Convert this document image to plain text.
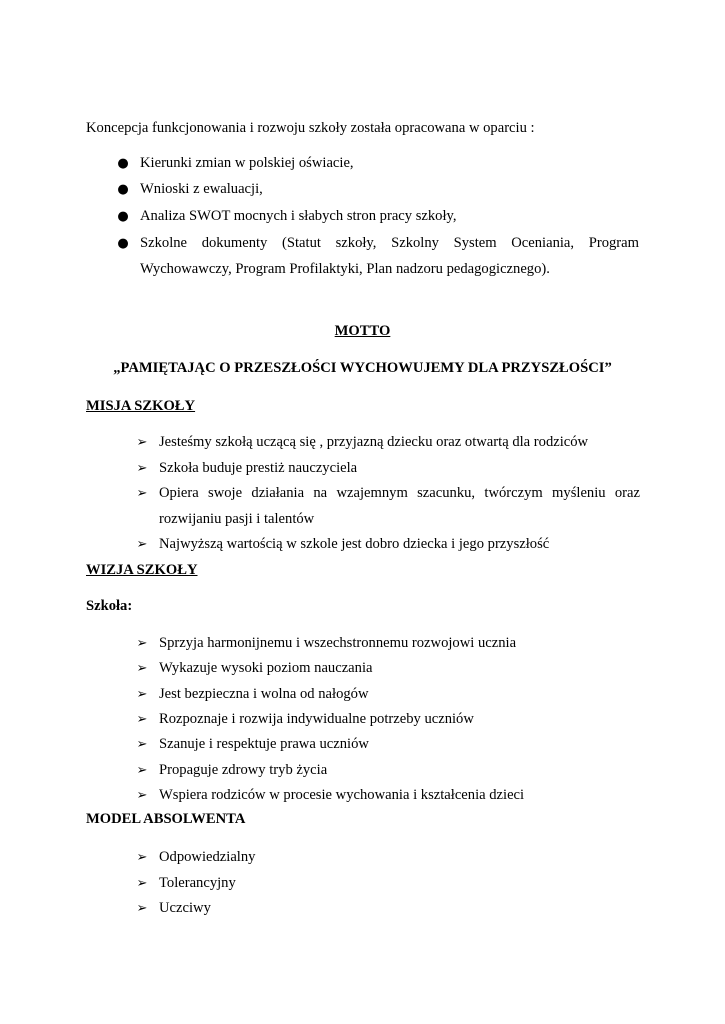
Koncepcja funkcjonowania i rozwoju szkoły została opracowana w oparciu :
● Kierunki zmian w polskiej oświacie,
● Wnioski z ewaluacji,
● Analiza SWOT mocnych i słabych stron pracy szkoły,
● Szkolne dokumenty (Statut szkoły, Szkolny System Oceniania, Program
Wychowawczy, Program Profilaktyki, Plan nadzoru pedagogicznego).
MOTTO
„PAMIĘTAJĄC O PRZESZŁOŚCI WYCHOWUJEMY DLA PRZYSZŁOŚCI”
MISJA SZKOŁY
➢ Jesteśmy szkołą uczącą się , przyjazną dziecku oraz otwartą dla rodziców
➢ Szkoła buduje prestiż nauczyciela
➢ Opiera swoje działania na wzajemnym szacunku, twórczym myśleniu oraz
rozwijaniu pasji i talentów
➢ Najwyższą wartością w szkole jest dobro dziecka i jego przyszłość
WIZJA SZKOŁY
Szkoła:
➢ Sprzyja harmonijnemu i wszechstronnemu rozwojowi ucznia
➢ Wykazuje wysoki poziom nauczania
➢ Jest bezpieczna i wolna od nałogów
➢ Rozpoznaje i rozwija indywidualne potrzeby uczniów
➢ Szanuje i respektuje prawa uczniów
➢ Propaguje zdrowy tryb życia
➢ Wspiera rodziców w procesie wychowania i kształcenia dzieci
MODEL ABSOLWENTA
➢ Odpowiedzialny
➢ Tolerancyjny
➢ Uczciwy
